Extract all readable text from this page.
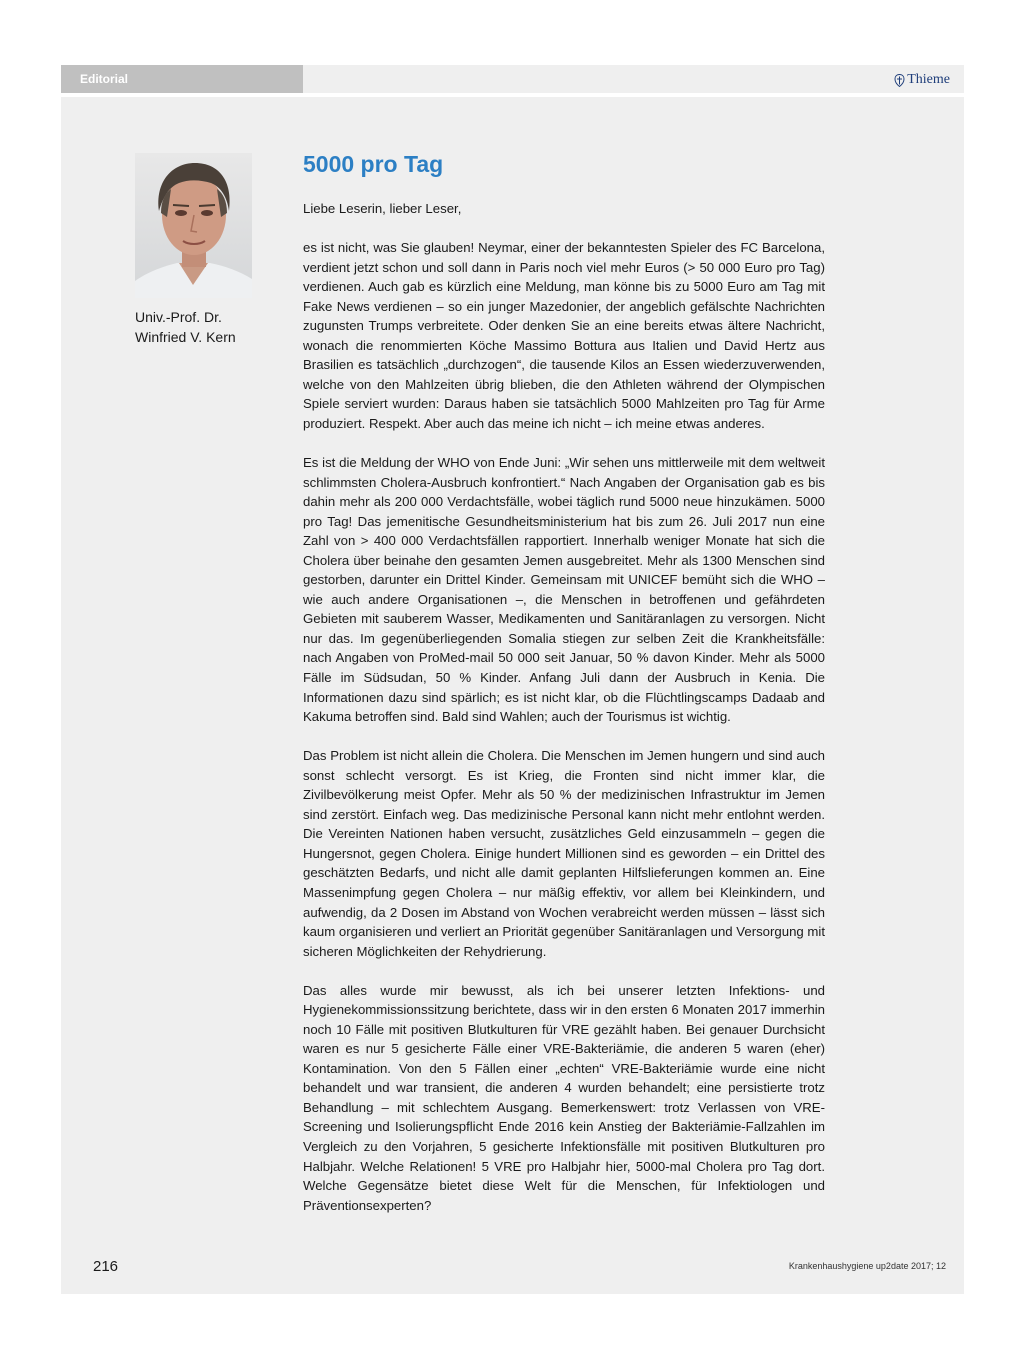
Editorial	Thieme
Univ.-Prof. Dr.
Winfried V. Kern
5000 pro Tag

Liebe Leserin, lieber Leser,

es ist nicht, was Sie glauben! Neymar, einer der bekanntesten Spieler des FC Barcelona, verdient jetzt schon und soll dann in Paris noch viel mehr Euros (> 50 000 Euro pro Tag) verdienen. Auch gab es kürzlich eine Meldung, man könne bis zu 5000 Euro am Tag mit Fake News verdienen – so ein junger Mazedonier, der angeblich gefälschte Nachrichten zugunsten Trumps verbreitete. Oder denken Sie an eine bereits etwas ältere Nachricht, wonach die renommierten Köche Massimo Bottura aus Italien und David Hertz aus Brasilien es tatsächlich „durchzogen“, die tausende Kilos an Essen wiederzuverwenden, welche von den Mahlzeiten übrig blieben, die den Athleten während der Olympischen Spiele serviert wurden: Daraus haben sie tatsächlich 5000 Mahlzeiten pro Tag für Arme produziert. Respekt. Aber auch das meine ich nicht – ich meine etwas anderes.

Es ist die Meldung der WHO von Ende Juni: „Wir sehen uns mittlerweile mit dem weltweit schlimmsten Cholera-Ausbruch konfrontiert.“ Nach Angaben der Organisation gab es bis dahin mehr als 200 000 Verdachtsfälle, wobei täglich rund 5000 neue hinzukämen. 5000 pro Tag! Das jemenitische Gesundheitsministerium hat bis zum 26. Juli 2017 nun eine Zahl von > 400 000 Verdachtsfällen rapportiert. Innerhalb weniger Monate hat sich die Cholera über beinahe den gesamten Jemen ausgebreitet. Mehr als 1300 Menschen sind gestorben, darunter ein Drittel Kinder. Gemeinsam mit UNICEF bemüht sich die WHO – wie auch andere Organisationen –, die Menschen in betroffenen und gefährdeten Gebieten mit sauberem Wasser, Medikamenten und Sanitäranlagen zu versorgen. Nicht nur das. Im gegenüberliegenden Somalia stiegen zur selben Zeit die Krankheitsfälle: nach Angaben von ProMed-mail 50 000 seit Januar, 50 % davon Kinder. Mehr als 5000 Fälle im Südsudan, 50 % Kinder. Anfang Juli dann der Ausbruch in Kenia. Die Informationen dazu sind spärlich; es ist nicht klar, ob die Flüchtlingscamps Dadaab and Kakuma betroffen sind. Bald sind Wahlen; auch der Tourismus ist wichtig.

Das Problem ist nicht allein die Cholera. Die Menschen im Jemen hungern und sind auch sonst schlecht versorgt. Es ist Krieg, die Fronten sind nicht immer klar, die Zivilbevölkerung meist Opfer. Mehr als 50 % der medizinischen Infrastruktur im Jemen sind zerstört. Einfach weg. Das medizinische Personal kann nicht mehr entlohnt werden. Die Vereinten Nationen haben versucht, zusätzliches Geld einzusammeln – gegen die Hungersnot, gegen Cholera. Einige hundert Millionen sind es geworden – ein Drittel des geschätzten Bedarfs, und nicht alle damit geplanten Hilfslieferungen kommen an. Eine Massenimpfung gegen Cholera – nur mäßig effektiv, vor allem bei Kleinkindern, und aufwendig, da 2 Dosen im Abstand von Wochen verabreicht werden müssen – lässt sich kaum organisieren und verliert an Priorität gegenüber Sanitäranlagen und Versorgung mit sicheren Möglichkeiten der Rehydrierung.

Das alles wurde mir bewusst, als ich bei unserer letzten Infektions- und Hygienekommissionssitzung berichtete, dass wir in den ersten 6 Monaten 2017 immerhin noch 10 Fälle mit positiven Blutkulturen für VRE gezählt haben. Bei genauer Durchsicht waren es nur 5 gesicherte Fälle einer VRE-Bakteriämie, die anderen 5 waren (eher) Kontamination. Von den 5 Fällen einer „echten“ VRE-Bakteriämie wurde eine nicht behandelt und war transient, die anderen 4 wurden behandelt; eine persistierte trotz Behandlung – mit schlechtem Ausgang. Bemerkenswert: trotz Verlassen von VRE-Screening und Isolierungspflicht Ende 2016 kein Anstieg der Bakteriämie-Fallzahlen im Vergleich zu den Vorjahren, 5 gesicherte Infektionsfälle mit positiven Blutkulturen pro Halbjahr. Welche Relationen! 5 VRE pro Halbjahr hier, 5000-mal Cholera pro Tag dort. Welche Gegensätze bietet diese Welt für die Menschen, für Infektiologen und Präventionsexperten?

216	Krankenhaushygiene up2date 2017; 12
